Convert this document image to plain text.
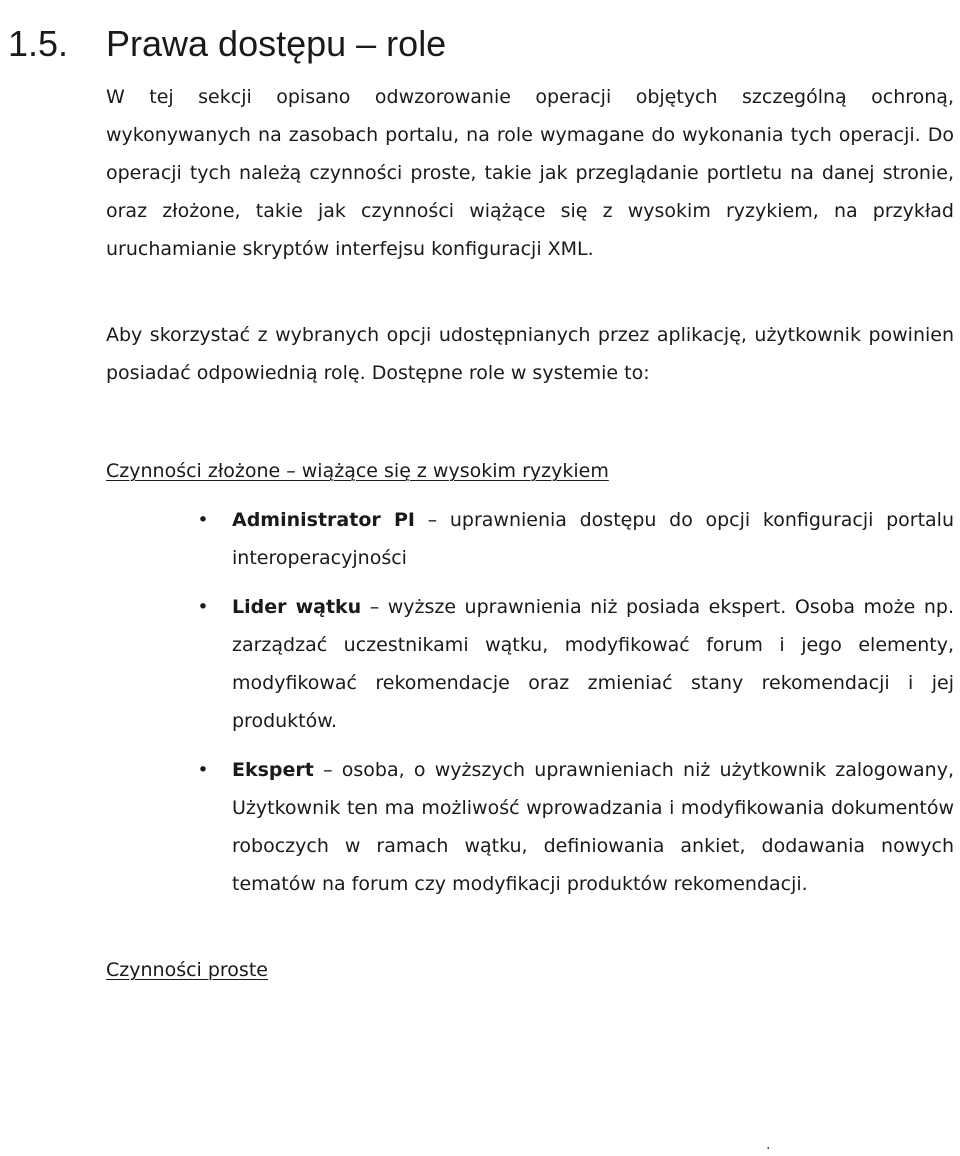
1.5. Prawa dostępu – role

W tej sekcji opisano odwzorowanie operacji objętych szczególną ochroną, wykonywanych na zasobach portalu, na role wymagane do wykonania tych operacji. Do operacji tych należą czynności proste, takie jak przeglądanie portletu na danej stronie, oraz złożone, takie jak czynności wiążące się z wysokim ryzykiem, na przykład uruchamianie skryptów interfejsu konfiguracji XML.

Aby skorzystać z wybranych opcji udostępnianych przez aplikację, użytkownik powinien posiadać odpowiednią rolę. Dostępne role w systemie to:

Czynności złożone – wiążące się z wysokim ryzykiem
• Administrator PI – uprawnienia dostępu do opcji konfiguracji portalu interoperacyjności
• Lider wątku – wyższe uprawnienia niż posiada ekspert. Osoba może np. zarządzać uczestnikami wątku, modyfikować forum i jego elementy, modyfikować rekomendacje oraz zmieniać stany rekomendacji i jej produktów.
• Ekspert – osoba, o wyższych uprawnieniach niż użytkownik zalogowany, Użytkownik ten ma możliwość wprowadzania i modyfikowania dokumentów roboczych w ramach wątku, definiowania ankiet, dodawania nowych tematów na forum czy modyfikacji produktów rekomendacji.
Czynności proste
.
